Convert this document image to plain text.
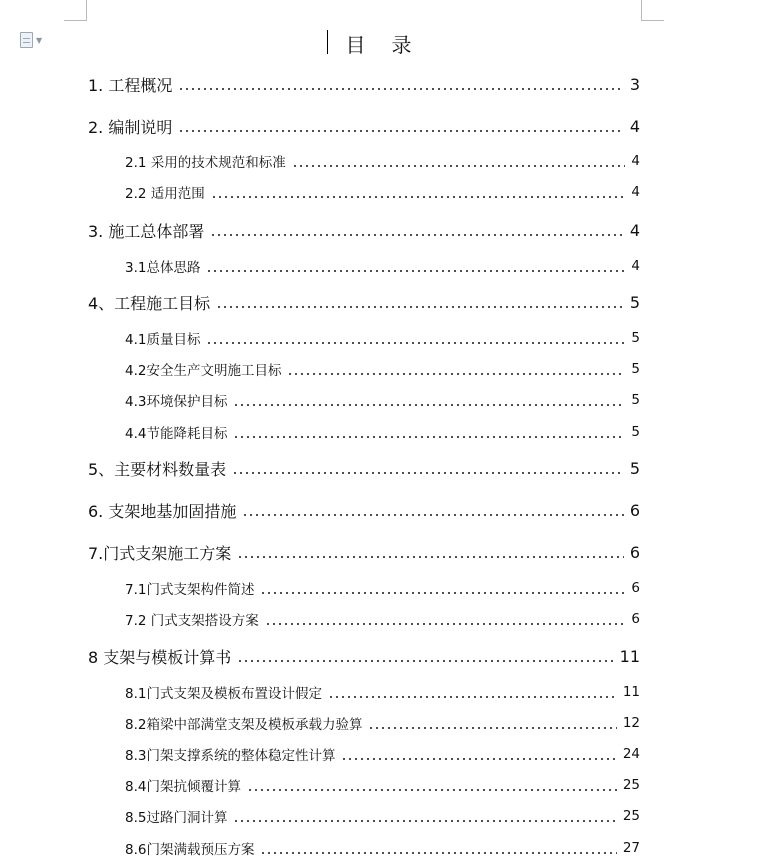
▼	目 录
1. 工程概况	3
2. 编制说明	4
2.1 采用的技术规范和标准	4
2.2 适用范围	4
3. 施工总体部署	4
3.1总体思路	4
4、工程施工目标	5
4.1质量目标	5
4.2安全生产文明施工目标	5
4.3环境保护目标	5
4.4节能降耗目标	5
5、主要材料数量表	5
6. 支架地基加固措施	6
7.门式支架施工方案	6
7.1门式支架构件简述	6
7.2 门式支架搭设方案	6
8 支架与模板计算书	11
8.1门式支架及模板布置设计假定	11
8.2箱梁中部满堂支架及模板承载力验算	12
8.3门架支撑系统的整体稳定性计算	24
8.4门架抗倾覆计算	25
8.5过路门洞计算	25
8.6门架满载预压方案	27
